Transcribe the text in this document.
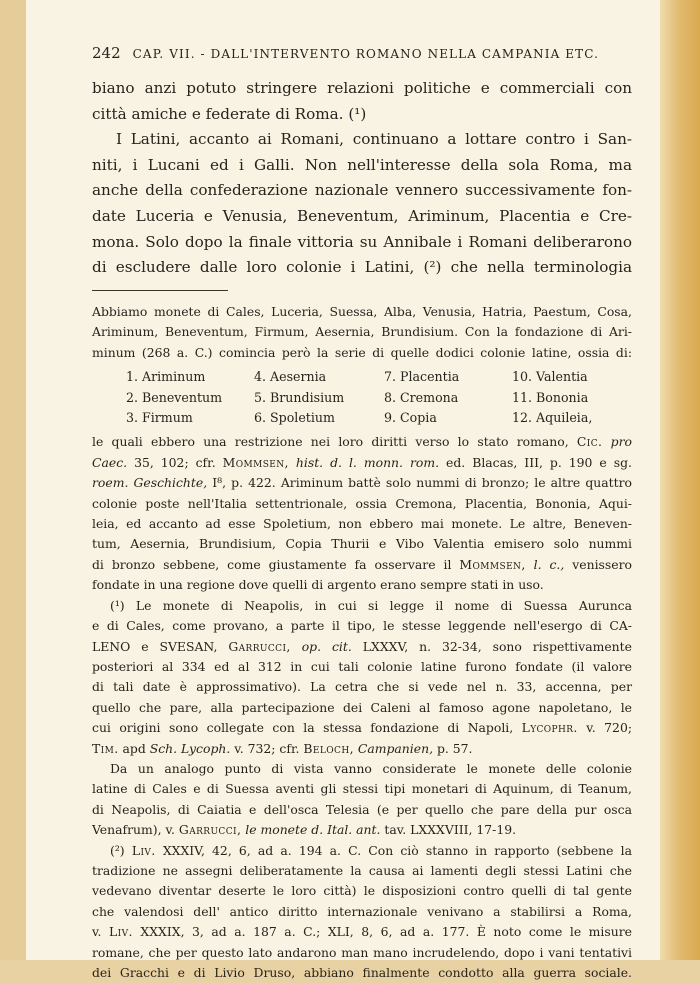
242 CAP. VII. - DALL'INTERVENTO ROMANO NELLA CAMPANIA ETC.

biano anzi potuto stringere relazioni politiche e commerciali con
città amiche e federate di Roma. (¹)

I Latini, accanto ai Romani, continuano a lottare contro i San-
niti, i Lucani ed i Galli. Non nell'interesse della sola Roma, ma
anche della confederazione nazionale vennero successivamente fon-
date Luceria e Venusia, Beneventum, Ariminum, Placentia e Cre-
mona. Solo dopo la finale vittoria su Annibale i Romani deliberarono
di escludere dalle loro colonie i Latini, (²) che nella terminologia

Abbiamo monete di Cales, Luceria, Suessa, Alba, Venusia, Hatria, Paestum, Cosa,
Ariminum, Beneventum, Firmum, Aesernia, Brundisium. Con la fondazione di Ari-
minum (268 a. C.) comincia però la serie di quelle dodici colonie latine, ossia di:
1. Ariminum	4. Aesernia	7. Placentia	10. Valentia
2. Beneventum	5. Brundisium	8. Cremona	11. Bononia
3. Firmum	6. Spoletium	9. Copia	12. Aquileia,
le quali ebbero una restrizione nei loro diritti verso lo stato romano, Cic. pro
Caec. 35, 102; cfr. Mommsen, hist. d. l. monn. rom. ed. Blacas, III, p. 190 e sg.
roem. Geschichte, I⁸, p. 422. Ariminum battè solo nummi di bronzo; le altre quattro
colonie poste nell'Italia settentrionale, ossia Cremona, Placentia, Bononia, Aqui-
leia, ed accanto ad esse Spoletium, non ebbero mai monete. Le altre, Beneven-
tum, Aesernia, Brundisium, Copia Thurii e Vibo Valentia emisero solo nummi
di bronzo sebbene, come giustamente fa osservare il Mommsen, l. c., venissero
fondate in una regione dove quelli di argento erano sempre stati in uso.
(¹) Le monete di Neapolis, in cui si legge il nome di Suessa Aurunca
e di Cales, come provano, a parte il tipo, le stesse leggende nell'esergo di CA-
LENO e SVESAN, Garrucci, op. cit. LXXXV, n. 32-34, sono rispettivamente
posteriori al 334 ed al 312 in cui tali colonie latine furono fondate (il valore
di tali date è approssimativo). La cetra che si vede nel n. 33, accenna, per
quello che pare, alla partecipazione dei Caleni al famoso agone napoletano, le
cui origini sono collegate con la stessa fondazione di Napoli, Lycophr. v. 720;
Tim. apd Sch. Lycoph. v. 732; cfr. Beloch, Campanien, p. 57.
Da un analogo punto di vista vanno considerate le monete delle colonie
latine di Cales e di Suessa aventi gli stessi tipi monetari di Aquinum, di Teanum,
di Neapolis, di Caiatia e dell'osca Telesia (e per quello che pare della pur osca
Venafrum), v. Garrucci, le monete d. Ital. ant. tav. LXXXVIII, 17-19.
(²) Liv. XXXIV, 42, 6, ad a. 194 a. C. Con ciò stanno in rapporto (sebbene la
tradizione ne assegni deliberatamente la causa ai lamenti degli stessi Latini che
vedevano diventar deserte le loro città) le disposizioni contro quelli di tal gente
che valendosi dell' antico diritto internazionale venivano a stabilirsi a Roma,
v. Liv. XXXIX, 3, ad a. 187 a. C.; XLI, 8, 6, ad a. 177. È noto come le misure
romane, che per questo lato andarono man mano incrudelendo, dopo i vani tentativi
dei Gracchi e di Livio Druso, abbiano finalmente condotto alla guerra sociale.
